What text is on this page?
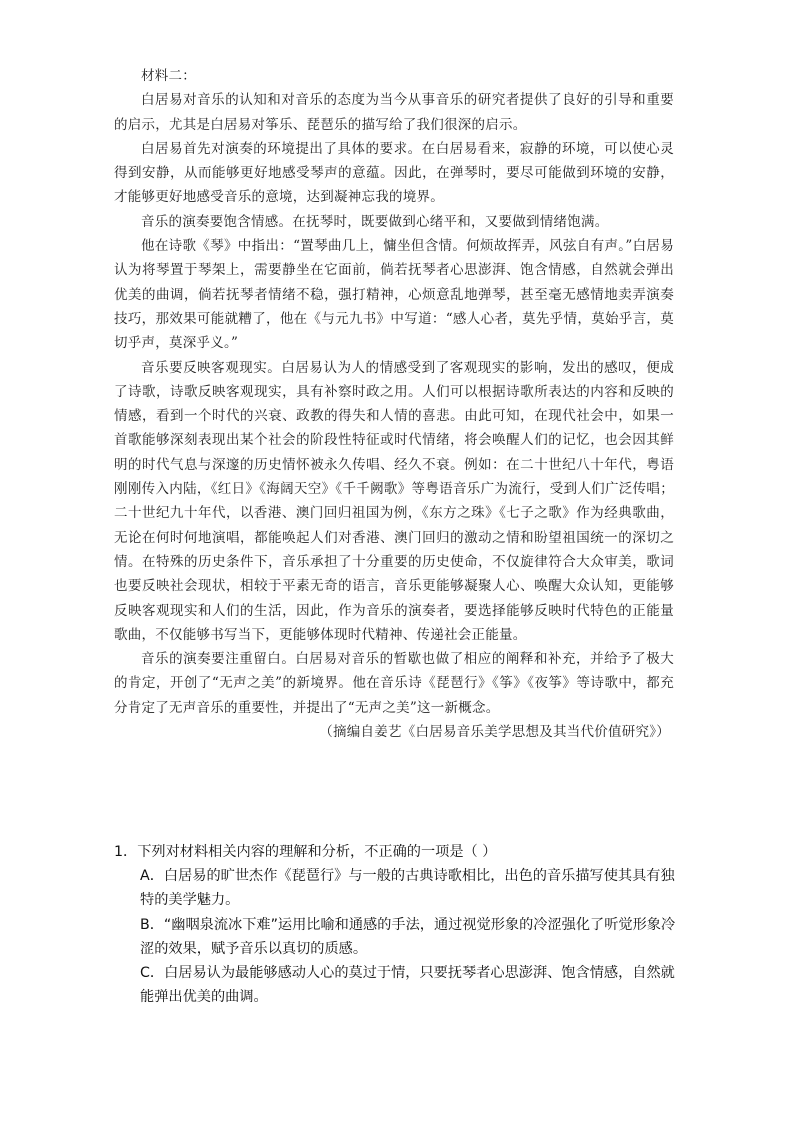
材料二：

白居易对音乐的认知和对音乐的态度为当今从事音乐的研究者提供了良好的引导和重要的启示，尤其是白居易对筝乐、琵琶乐的描写给了我们很深的启示。

白居易首先对演奏的环境提出了具体的要求。在白居易看来，寂静的环境，可以使心灵得到安静，从而能够更好地感受琴声的意蕴。因此，在弹琴时，要尽可能做到环境的安静，才能够更好地感受音乐的意境，达到凝神忘我的境界。

音乐的演奏要饱含情感。在抚琴时，既要做到心绪平和，又要做到情绪饱满。

他在诗歌《琴》中指出：“置琴曲几上，慵坐但含情。何烦故挥弄，风弦自有声。”白居易认为将琴置于琴架上，需要静坐在它面前，倘若抚琴者心思澎湃、饱含情感，自然就会弹出优美的曲调，倘若抚琴者情绪不稳，强打精神，心烦意乱地弹琴，甚至毫无感情地卖弄演奏技巧，那效果可能就糟了，他在《与元九书》中写道：“感人心者，莫先乎情，莫始乎言，莫切乎声，莫深乎义。”

音乐要反映客观现实。白居易认为人的情感受到了客观现实的影响，发出的感叹，便成了诗歌，诗歌反映客观现实，具有补察时政之用。人们可以根据诗歌所表达的内容和反映的情感，看到一个时代的兴衰、政教的得失和人情的喜悲。由此可知，在现代社会中，如果一首歌能够深刻表现出某个社会的阶段性特征或时代情绪，将会唤醒人们的记忆，也会因其鲜明的时代气息与深邃的历史情怀被永久传唱、经久不衰。例如：在二十世纪八十年代，粤语刚刚传入内陆，《红日》《海阔天空》《千千阙歌》等粤语音乐广为流行，受到人们广泛传唱；二十世纪九十年代，以香港、澳门回归祖国为例，《东方之珠》《七子之歌》作为经典歌曲，无论在何时何地演唱，都能唤起人们对香港、澳门回归的激动之情和盼望祖国统一的深切之情。在特殊的历史条件下，音乐承担了十分重要的历史使命，不仅旋律符合大众审美，歌词也要反映社会现状，相较于平素无奇的语言，音乐更能够凝聚人心、唤醒大众认知，更能够反映客观现实和人们的生活，因此，作为音乐的演奏者，要选择能够反映时代特色的正能量歌曲，不仅能够书写当下，更能够体现时代精神、传递社会正能量。

音乐的演奏要注重留白。白居易对音乐的暂歇也做了相应的阐释和补充，并给予了极大的肯定，开创了“无声之美”的新境界。他在音乐诗《琵琶行》《筝》《夜筝》等诗歌中，都充分肯定了无声音乐的重要性，并提出了“无声之美”这一新概念。

（摘编自姜艺《白居易音乐美学思想及其当代价值研究》）

1．下列对材料相关内容的理解和分析，不正确的一项是（ ）

A．白居易的旷世杰作《琵琶行》与一般的古典诗歌相比，出色的音乐描写使其具有独特的美学魅力。

B．“幽咽泉流冰下难”运用比喻和通感的手法，通过视觉形象的冷涩强化了听觉形象冷涩的效果，赋予音乐以真切的质感。

C．白居易认为最能够感动人心的莫过于情，只要抚琴者心思澎湃、饱含情感，自然就能弹出优美的曲调。
